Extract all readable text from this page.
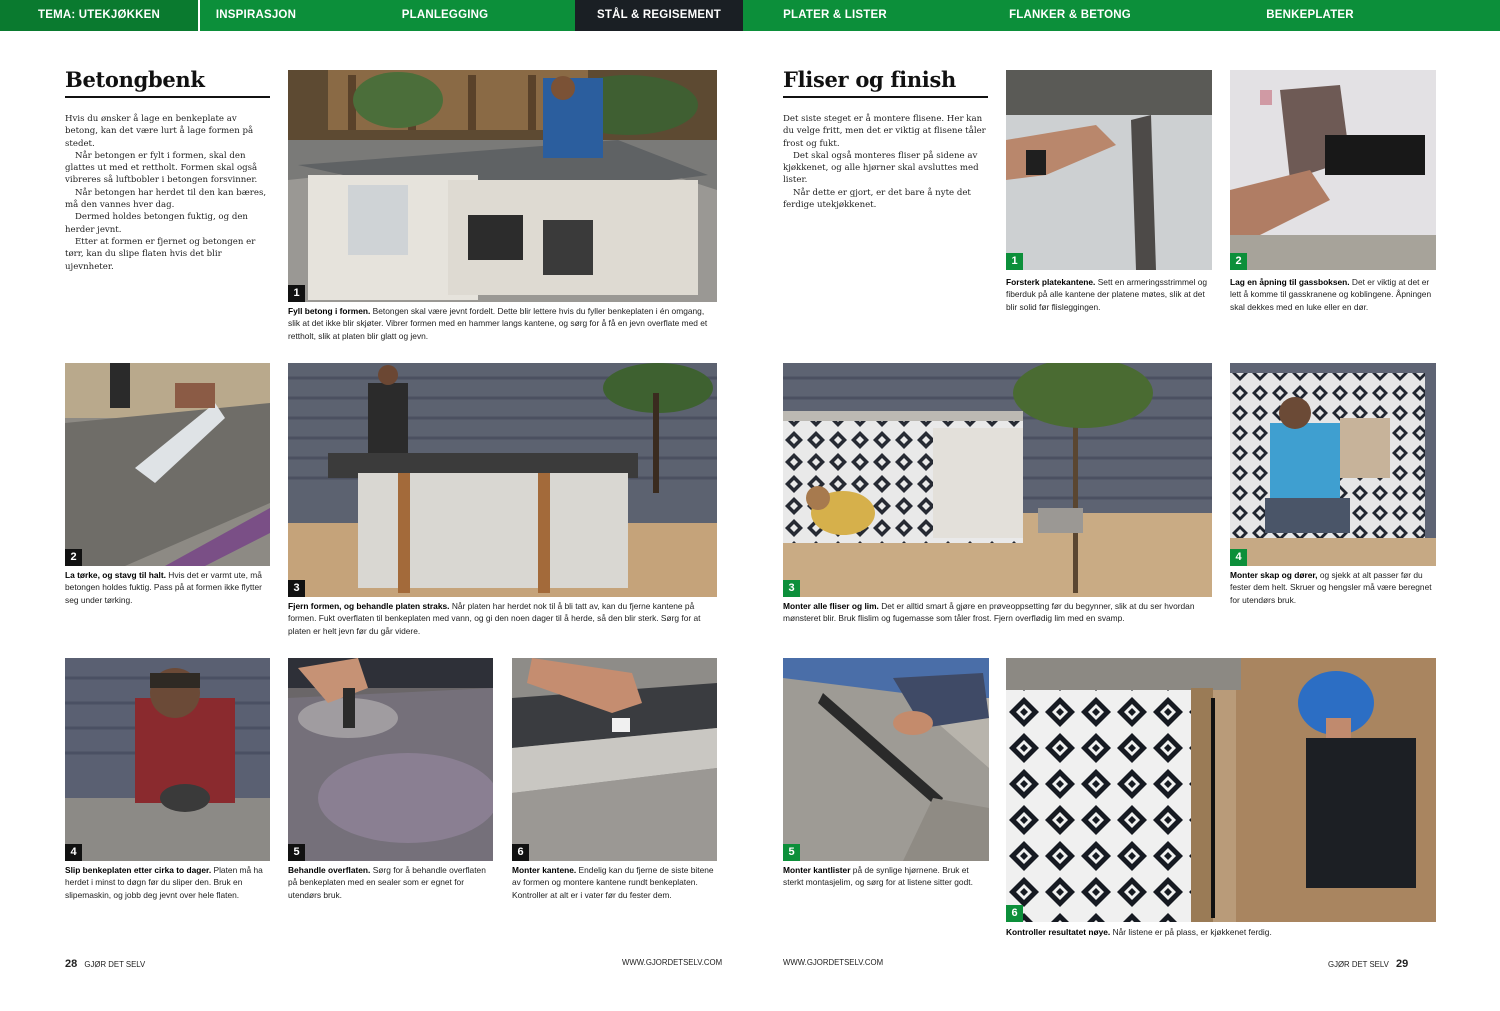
TEMA: UTEKJØKKEN	INSPIRASJON	PLANLEGGING	STÅL & REGISEMENT	PLATER & LISTER	FLANKER & BETONG	BENKEPLATER
Betongbenk

Hvis du ønsker å lage en benkeplate av betong, kan det være lurt å lage formen på stedet.

Når betongen er fylt i formen, skal den glattes ut med et rettholt. Formen skal også vibreres så luftbobler i betongen forsvinner.

Når betongen har herdet til den kan bæres, må den vannes hver dag.

Dermed holdes betongen fuktig, og den herder jevnt.

Etter at formen er fjernet og betongen er tørr, kan du slipe flaten hvis det blir ujevnheter.

1
Fyll betong i formen. Betongen skal være jevnt fordelt. Dette blir lettere hvis du fyller benkeplaten i én omgang, slik at det ikke blir skjøter. Vibrer formen med en hammer langs kantene, og sørg for å få en jevn overflate med et rettholt, slik at platen blir glatt og jevn.
2
La tørke, og stavg til halt. Hvis det er varmt ute, må betongen holdes fuktig. Pass på at formen ikke flytter seg under tørking.
3
Fjern formen, og behandle platen straks. Når platen har herdet nok til å bli tatt av, kan du fjerne kantene på formen. Fukt overflaten til benkeplaten med vann, og gi den noen dager til å herde, så den blir sterk. Sørg for at platen er helt jevn før du går videre.
4
Slip benkeplaten etter cirka to dager. Platen må ha herdet i minst to døgn før du sliper den. Bruk en slipemaskin, og jobb deg jevnt over hele flaten.
5
Behandle overflaten. Sørg for å behandle overflaten på benkeplaten med en sealer som er egnet for utendørs bruk.
6
Monter kantene. Endelig kan du fjerne de siste bitene av formen og montere kantene rundt benkeplaten. Kontroller at alt er i vater før du fester dem.
28 GJØR DET SELV	WWW.GJORDETSELV.COM
Fliser og finish

Det siste steget er å montere flisene. Her kan du velge fritt, men det er viktig at flisene tåler frost og fukt.

Det skal også monteres fliser på sidene av kjøkkenet, og alle hjørner skal avsluttes med lister.

Når dette er gjort, er det bare å nyte det ferdige utekjøkkenet.

1
Forsterk platekantene. Sett en armeringsstrimmel og fiberduk på alle kantene der platene møtes, slik at det blir solid før flisleggingen.
2
Lag en åpning til gassboksen. Det er viktig at det er lett å komme til gasskranene og koblingene. Åpningen skal dekkes med en luke eller en dør.
3
Monter alle fliser og lim. Det er alltid smart å gjøre en prøveoppsetting før du begynner, slik at du ser hvordan mønsteret blir. Bruk flislim og fugemasse som tåler frost. Fjern overflødig lim med en svamp.
4
Monter skap og dører, og sjekk at alt passer før du fester dem helt. Skruer og hengsler må være beregnet for utendørs bruk.
5
Monter kantlister på de synlige hjørnene. Bruk et sterkt montasjelim, og sørg for at listene sitter godt.
6
Kontroller resultatet nøye. Når listene er på plass, er kjøkkenet ferdig.
WWW.GJORDETSELV.COM	GJØR DET SELV 29
